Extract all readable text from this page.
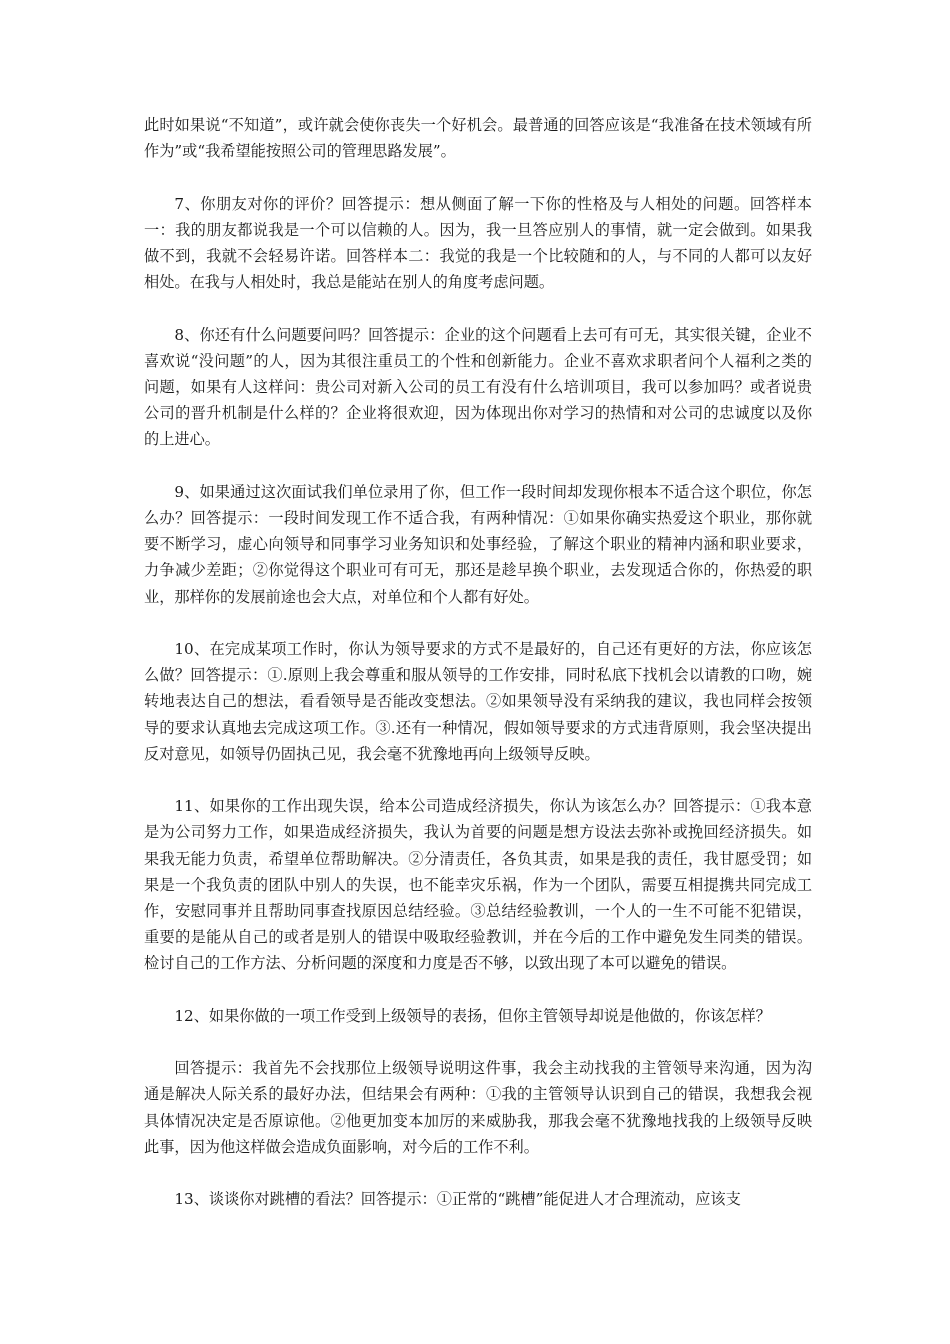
此时如果说“不知道”，或许就会使你丧失一个好机会。最普通的回答应该是“我准备在技术领域有所作为”或“我希望能按照公司的管理思路发展”。

7、你朋友对你的评价？回答提示：想从侧面了解一下你的性格及与人相处的问题。回答样本一：我的朋友都说我是一个可以信赖的人。因为，我一旦答应别人的事情，就一定会做到。如果我做不到，我就不会轻易许诺。回答样本二：我觉的我是一个比较随和的人，与不同的人都可以友好相处。在我与人相处时，我总是能站在别人的角度考虑问题。

8、你还有什么问题要问吗？回答提示：企业的这个问题看上去可有可无，其实很关键，企业不喜欢说“没问题”的人，因为其很注重员工的个性和创新能力。企业不喜欢求职者问个人福利之类的问题，如果有人这样问：贵公司对新入公司的员工有没有什么培训项目，我可以参加吗？或者说贵公司的晋升机制是什么样的？企业将很欢迎，因为体现出你对学习的热情和对公司的忠诚度以及你的上进心。

9、如果通过这次面试我们单位录用了你，但工作一段时间却发现你根本不适合这个职位，你怎么办？回答提示：一段时间发现工作不适合我，有两种情况：①如果你确实热爱这个职业，那你就要不断学习，虚心向领导和同事学习业务知识和处事经验，了解这个职业的精神内涵和职业要求，力争减少差距；②你觉得这个职业可有可无，那还是趁早换个职业，去发现适合你的，你热爱的职业，那样你的发展前途也会大点，对单位和个人都有好处。

10、在完成某项工作时，你认为领导要求的方式不是最好的，自己还有更好的方法，你应该怎么做？回答提示：①.原则上我会尊重和服从领导的工作安排，同时私底下找机会以请教的口吻，婉转地表达自己的想法，看看领导是否能改变想法。②如果领导没有采纳我的建议，我也同样会按领导的要求认真地去完成这项工作。③.还有一种情况，假如领导要求的方式违背原则，我会坚决提出反对意见，如领导仍固执己见，我会毫不犹豫地再向上级领导反映。

11、如果你的工作出现失误，给本公司造成经济损失，你认为该怎么办？回答提示：①我本意是为公司努力工作，如果造成经济损失，我认为首要的问题是想方设法去弥补或挽回经济损失。如果我无能力负责，希望单位帮助解决。②分清责任，各负其责，如果是我的责任，我甘愿受罚；如果是一个我负责的团队中别人的失误，也不能幸灾乐祸，作为一个团队，需要互相提携共同完成工作，安慰同事并且帮助同事查找原因总结经验。③总结经验教训，一个人的一生不可能不犯错误，重要的是能从自己的或者是别人的错误中吸取经验教训，并在今后的工作中避免发生同类的错误。检讨自己的工作方法、分析问题的深度和力度是否不够，以致出现了本可以避免的错误。

12、如果你做的一项工作受到上级领导的表扬，但你主管领导却说是他做的，你该怎样？

回答提示：我首先不会找那位上级领导说明这件事，我会主动找我的主管领导来沟通，因为沟通是解决人际关系的最好办法，但结果会有两种：①我的主管领导认识到自己的错误，我想我会视具体情况决定是否原谅他。②他更加变本加厉的来威胁我，那我会毫不犹豫地找我的上级领导反映此事，因为他这样做会造成负面影响，对今后的工作不利。

13、谈谈你对跳槽的看法？回答提示：①正常的“跳槽”能促进人才合理流动，应该支
